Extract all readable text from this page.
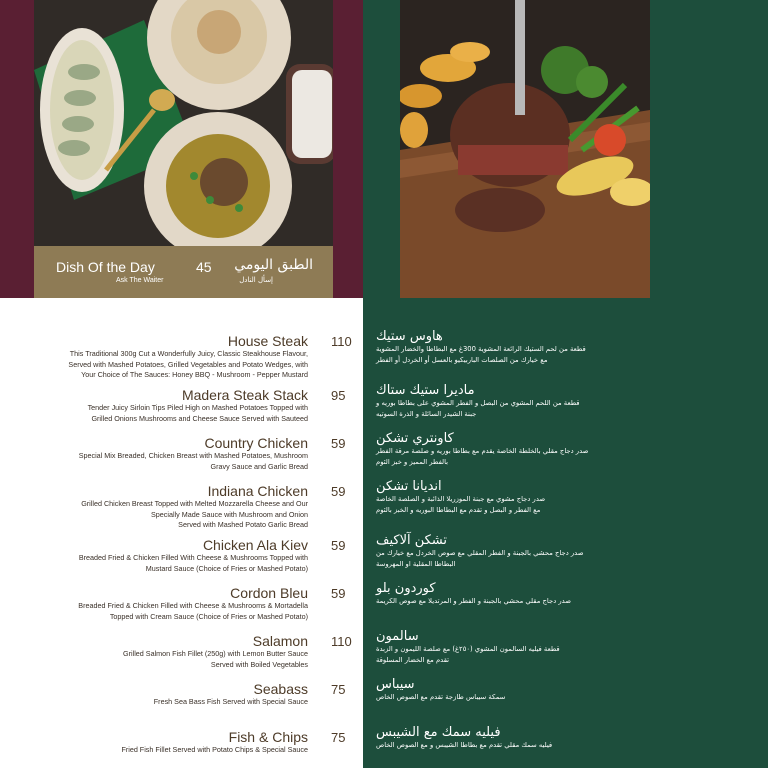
Dish Of the Day
Ask The Waiter
45 الطبق اليومي
إسأل النادل
House Steak
This Traditional 300g Cut a Wonderfully Juicy, Classic Steakhouse Flavour,
Served with Mashed Potatoes, Grilled Vegetables and Potato Wedges, with
Your Choice of The Sauces: Honey BBQ - Mushroom - Pepper Mustard
Madera Steak Stack
Tender Juicy Sirloin Tips Piled High on Mashed Potatoes Topped with
Grilled Onions Mushrooms and Cheese Sauce Served with Sauteed
Country Chicken
Special Mix Breaded, Chicken Breast with Mashed Potatoes, Mushroom
Gravy Sauce and Garlic Bread
Indiana Chicken
Grilled Chicken Breast Topped with Melted Mozzarella Cheese and Our
Specially Made Sauce with Mushroom and Onion
Served with Mashed Potato Garlic Bread
Chicken Ala Kiev
Breaded Fried & Chicken Filled With Cheese & Mushrooms Topped with
Mustard Sauce (Choice of Fries or Mashed Potato)
Cordon Bleu
Breaded Fried & Chicken Filled with Cheese & Mushrooms & Mortadella
Topped with Cream Sauce (Choice of Fries or Mashed Potato)
Salamon
Grilled Salmon Fish Fillet (250g) with Lemon Butter Sauce
Served with Boiled Vegetables
Seabass
Fresh Sea Bass Fish Served with Special Sauce
Fish & Chips
Fried Fish Fillet Served with Potato Chips & Special Sauce
110
95
59
59
59
59
110
75
75
هاوس ستيك
قطعة من لحم الستيك الرائعة المشوية 300غ مع البطاطا والخضار المشوية
مع خيارك من الصلصات الباربيكيو بالعسل أو الخردل أو الفطر
ماديرا ستيك ستاك
قطعة من اللحم المشوي من البصل و الفطر المشوي على بطاطا بوريه و
جبنة الشيدر السائلة و الذرة السوتيه
كاونتري تشكن
صدر دجاج مقلي بالخلطة الخاصة يقدم مع بطاطا بوريه و صلصة مرقة الفطر
بالفطر المميز و خبز الثوم
انديانا تشكن
صدر دجاج مشوي مع جبنة الموزريلا الذائبة و الصلصة الخاصة
مع الفطر و البصل و تقدم مع البطاطا البوريه و الخبز بالثوم
تشكن آلاكيف
صدر دجاج محشي بالجبنة و الفطر المقلي مع صوص الخردل مع خيارك من
البطاطا المقلية او المهروسة
كوردون بلو
صدر دجاج مقلي محشي بالجبنة و الفطر و المرتديلا مع صوص الكريمة
سالمون
قطعة فيليه السالمون المشوي (٢٥٠غ) مع صلصة الليمون و الزبدة
تقدم مع الخضار المسلوقة
سيباس
سمكة سيباس طازجة تقدم مع الصوص الخاص
فيليه سمك مع الشيبس
فيليه سمك مقلي تقدم مع بطاطا الشيبس و مع الصوص الخاص
